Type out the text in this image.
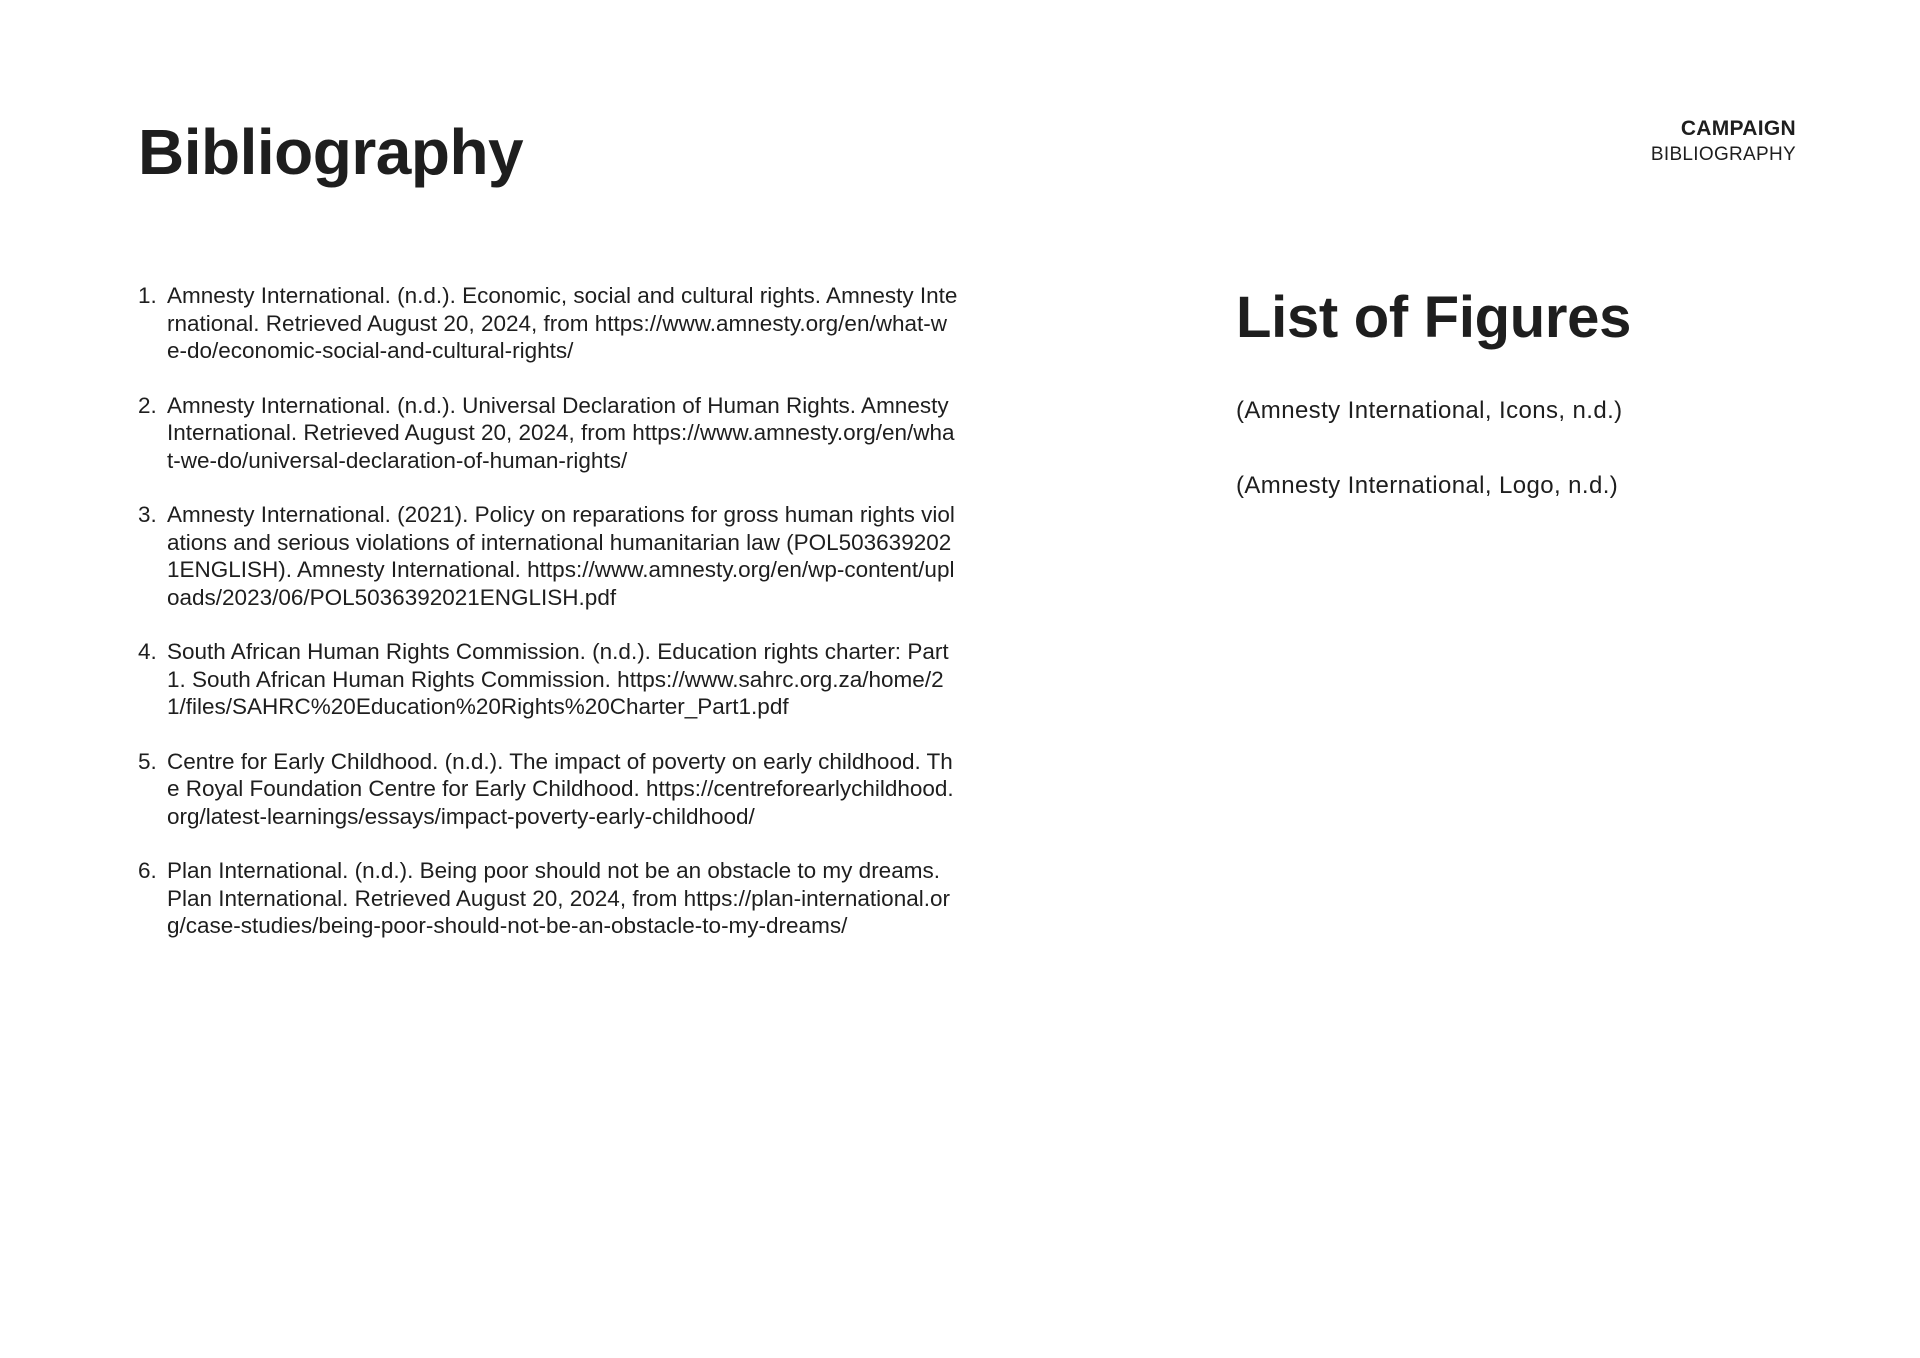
Bibliography	CAMPAIGN
BIBLIOGRAPHY
1. Amnesty International. (n.d.). Economic, social and cultural rights. Amnesty International. Retrieved August 20, 2024, from https://www.amnesty.org/en/what-we-do/economic-social-and-cultural-rights/
2. Amnesty International. (n.d.). Universal Declaration of Human Rights. Amnesty International. Retrieved August 20, 2024, from https://www.amnesty.org/en/what-we-do/universal-declaration-of-human-rights/
3. Amnesty International. (2021). Policy on reparations for gross human rights violations and serious violations of international humanitarian law (POL5036392021ENGLISH). Amnesty International. https://www.amnesty.org/en/wp-content/uploads/2023/06/POL5036392021ENGLISH.pdf
4. South African Human Rights Commission. (n.d.). Education rights charter: Part 1. South African Human Rights Commission. https://www.sahrc.org.za/home/21/files/SAHRC%20Education%20Rights%20Charter_Part1.pdf
5. Centre for Early Childhood. (n.d.). The impact of poverty on early childhood. The Royal Foundation Centre for Early Childhood. https://centreforearlychildhood.org/latest-learnings/essays/impact-poverty-early-childhood/
6. Plan International. (n.d.). Being poor should not be an obstacle to my dreams. Plan International. Retrieved August 20, 2024, from https://plan-international.org/case-studies/being-poor-should-not-be-an-obstacle-to-my-dreams/
List of Figures
(Amnesty International, Icons, n.d.)
(Amnesty International, Logo, n.d.)
